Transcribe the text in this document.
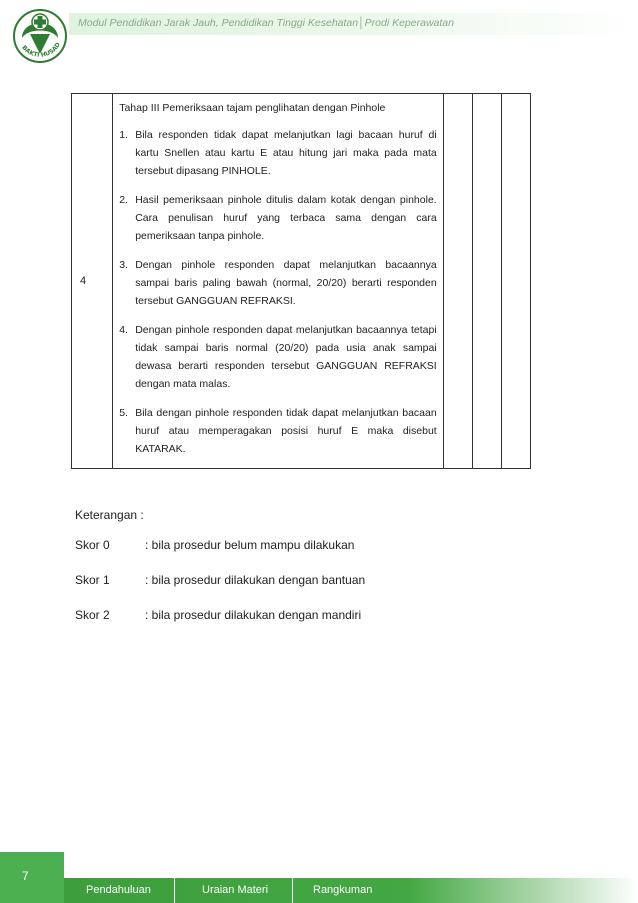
BAKTI HUSAD
Modul Pendidikan Jarak Jauh, Pendidikan Tinggi Kesehatan│Prodi Keperawatan
4	
Tahap III Pemeriksaan tajam penglihatan dengan Pinhole
1. Bila responden tidak dapat melanjutkan lagi bacaan huruf di kartu Snellen atau kartu E atau hitung jari maka pada mata tersebut dipasang PINHOLE.
2. Hasil pemeriksaan pinhole ditulis dalam kotak dengan pinhole. Cara penulisan huruf yang terbaca sama dengan cara pemeriksaan tanpa pinhole.
3. Dengan pinhole responden dapat melanjutkan bacaannya sampai baris paling bawah (normal, 20/20) berarti responden tersebut GANGGUAN REFRAKSI.
4. Dengan pinhole responden dapat melanjutkan bacaannya tetapi tidak sampai baris normal (20/20) pada usia anak sampai dewasa berarti responden tersebut GANGGUAN REFRAKSI dengan mata malas.
5. Bila dengan pinhole responden tidak dapat melanjutkan bacaan huruf atau memperagakan posisi huruf E maka disebut KATARAK.

Keterangan :
Skor 0	: bila prosedur belum mampu dilakukan
Skor 1	: bila prosedur dilakukan dengan bantuan
Skor 2	: bila prosedur dilakukan dengan mandiri
7
Pendahuluan	Uraian Materi	Rangkuman
